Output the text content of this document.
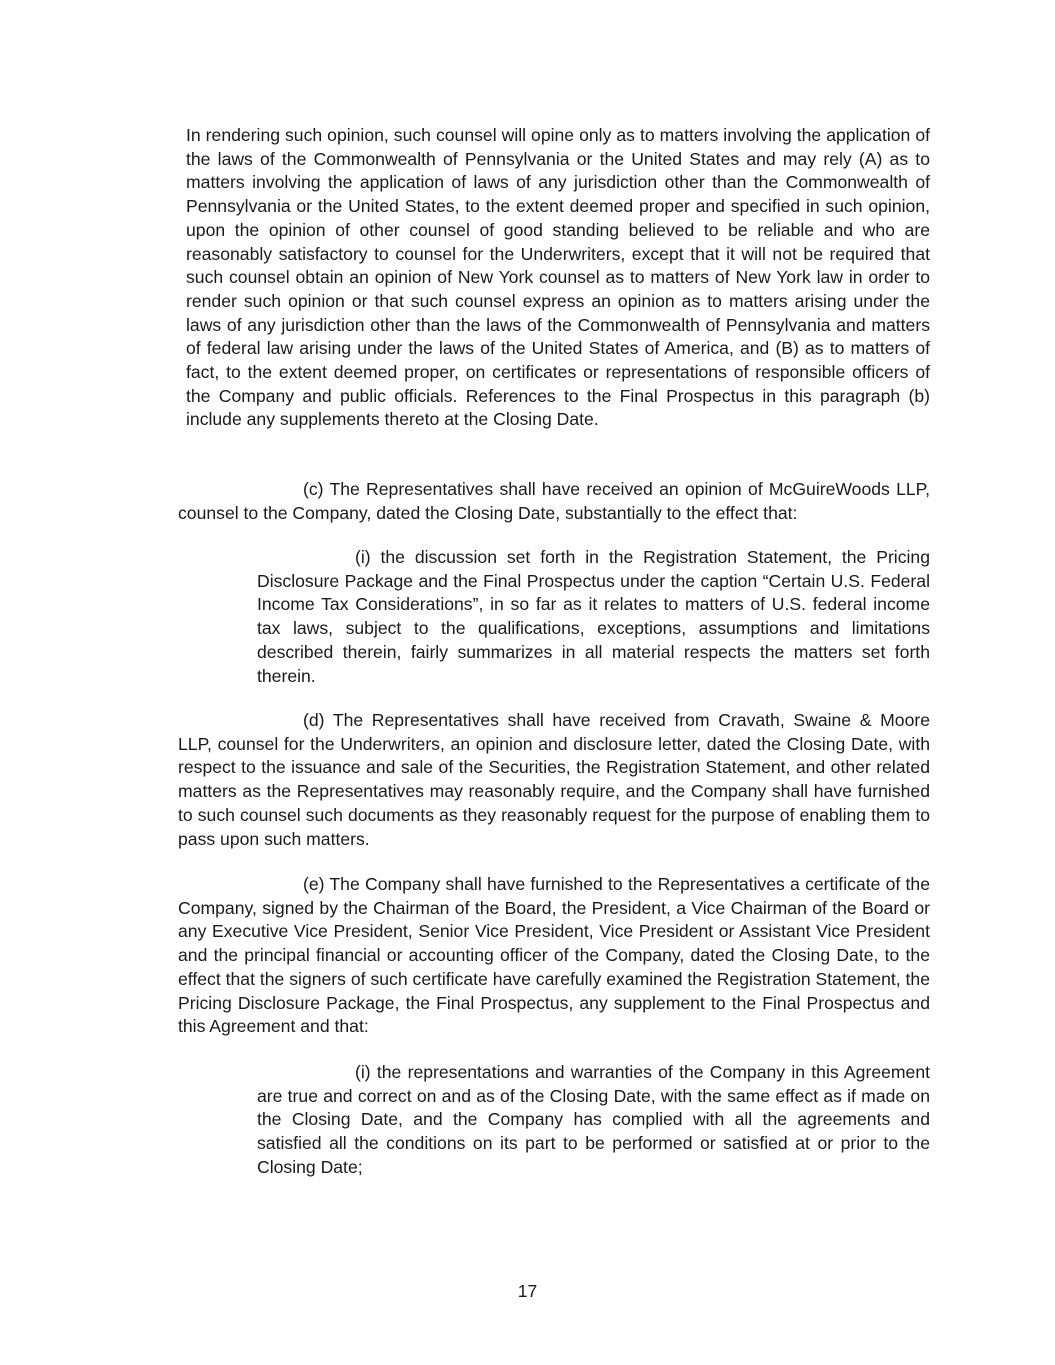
In rendering such opinion, such counsel will opine only as to matters involving the application of the laws of the Commonwealth of Pennsylvania or the United States and may rely (A) as to matters involving the application of laws of any jurisdiction other than the Commonwealth of Pennsylvania or the United States, to the extent deemed proper and specified in such opinion, upon the opinion of other counsel of good standing believed to be reliable and who are reasonably satisfactory to counsel for the Underwriters, except that it will not be required that such counsel obtain an opinion of New York counsel as to matters of New York law in order to render such opinion or that such counsel express an opinion as to matters arising under the laws of any jurisdiction other than the laws of the Commonwealth of Pennsylvania and matters of federal law arising under the laws of the United States of America, and (B) as to matters of fact, to the extent deemed proper, on certificates or representations of responsible officers of the Company and public officials. References to the Final Prospectus in this paragraph (b) include any supplements thereto at the Closing Date.

(c) The Representatives shall have received an opinion of McGuireWoods LLP, counsel to the Company, dated the Closing Date, substantially to the effect that:

(i) the discussion set forth in the Registration Statement, the Pricing Disclosure Package and the Final Prospectus under the caption “Certain U.S. Federal Income Tax Considerations”, in so far as it relates to matters of U.S. federal income tax laws, subject to the qualifications, exceptions, assumptions and limitations described therein, fairly summarizes in all material respects the matters set forth therein.

(d) The Representatives shall have received from Cravath, Swaine & Moore LLP, counsel for the Underwriters, an opinion and disclosure letter, dated the Closing Date, with respect to the issuance and sale of the Securities, the Registration Statement, and other related matters as the Representatives may reasonably require, and the Company shall have furnished to such counsel such documents as they reasonably request for the purpose of enabling them to pass upon such matters.

(e) The Company shall have furnished to the Representatives a certificate of the Company, signed by the Chairman of the Board, the President, a Vice Chairman of the Board or any Executive Vice President, Senior Vice President, Vice President or Assistant Vice President and the principal financial or accounting officer of the Company, dated the Closing Date, to the effect that the signers of such certificate have carefully examined the Registration Statement, the Pricing Disclosure Package, the Final Prospectus, any supplement to the Final Prospectus and this Agreement and that:

(i) the representations and warranties of the Company in this Agreement are true and correct on and as of the Closing Date, with the same effect as if made on the Closing Date, and the Company has complied with all the agreements and satisfied all the conditions on its part to be performed or satisfied at or prior to the Closing Date;

17
